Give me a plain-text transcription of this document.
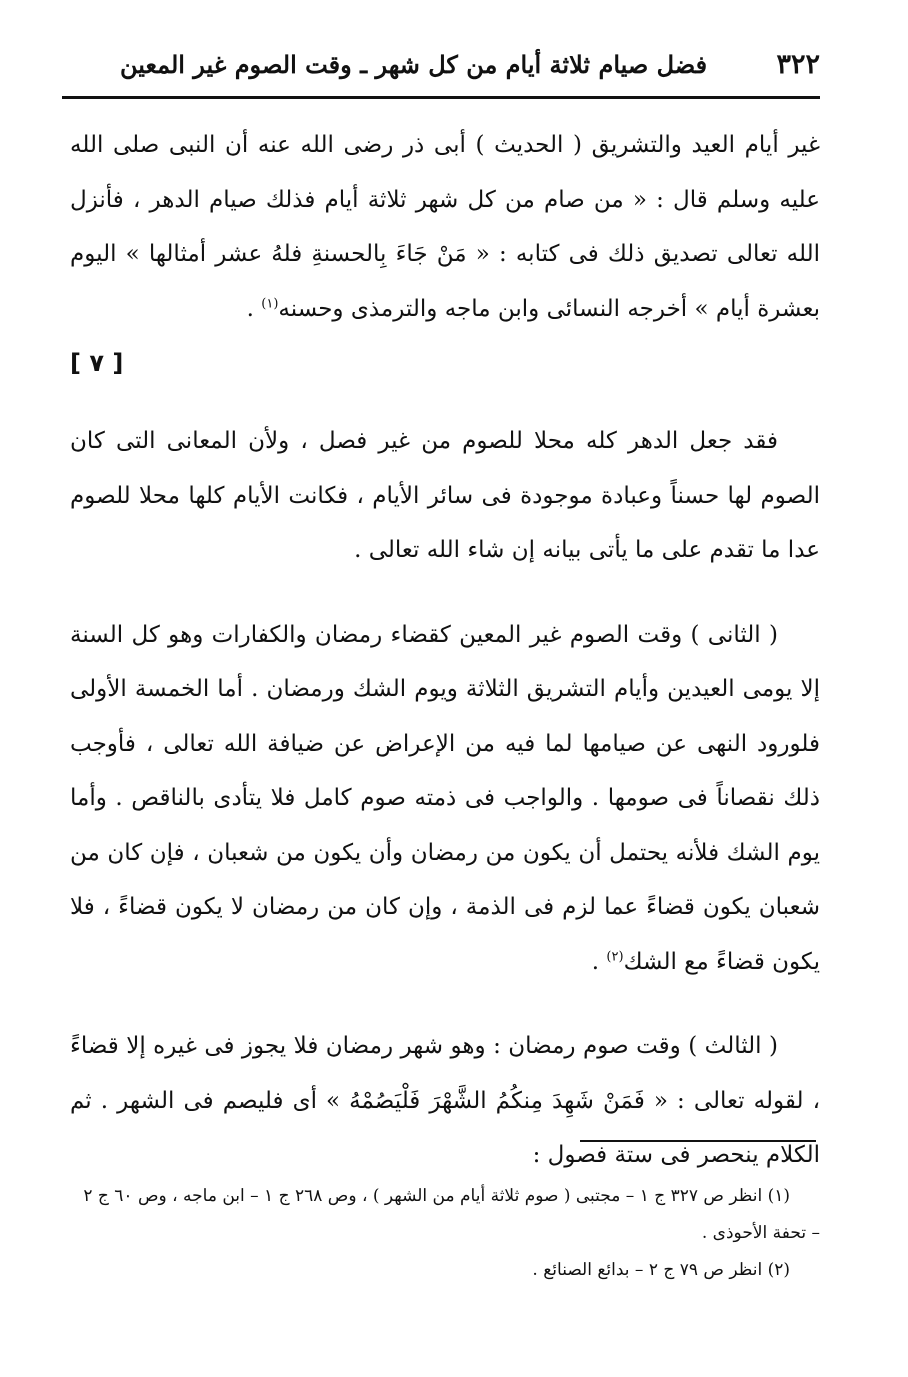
٣٢٢
فضل صيام ثلاثة أيام من كل شهر ـ وقت الصوم غير المعين

غير أيام العيد والتشريق ( الحديث ) أبى ذر رضى الله عنه أن النبى صلى الله عليه وسلم قال : « من صام من كل شهر ثلاثة أيام فذلك صيام الدهر ، فأنزل الله تعالى تصديق ذلك فى كتابه : « مَنْ جَاءَ بِالحسنةِ فلهُ عشر أمثالها » اليوم بعشرة أيام » أخرجه النسائى وابن ماجه والترمذى وحسنه$^{(١)}$ .

[ ٧ ]

فقد جعل الدهر كله محلا للصوم من غير فصل ، ولأن المعانى التى كان الصوم لها حسناً وعبادة موجودة فى سائر الأيام ، فكانت الأيام كلها محلا للصوم عدا ما تقدم على ما يأتى بيانه إن شاء الله تعالى .

( الثانى ) وقت الصوم غير المعين كقضاء رمضان والكفارات وهو كل السنة إلا يومى العيدين وأيام التشريق الثلاثة ويوم الشك ورمضان . أما الخمسة الأولى فلورود النهى عن صيامها لما فيه من الإعراض عن ضيافة الله تعالى ، فأوجب ذلك نقصاناً فى صومها . والواجب فى ذمته صوم كامل فلا يتأدى بالناقص . وأما يوم الشك فلأنه يحتمل أن يكون من رمضان وأن يكون من شعبان ، فإن كان من شعبان يكون قضاءً عما لزم فى الذمة ، وإن كان من رمضان لا يكون قضاءً ، فلا يكون قضاءً مع الشك$^{(٢)}$ .

( الثالث ) وقت صوم رمضان : وهو شهر رمضان فلا يجوز فى غيره إلا قضاءً ، لقوله تعالى : « فَمَنْ شَهِدَ مِنكُمُ الشَّهْرَ فَلْيَصُمْهُ » أى فليصم فى الشهر . ثم الكلام ينحصر فى ستة فصول :

(١) انظر ص ٣٢٧ ج ١ – مجتبى ( صوم ثلاثة أيام من الشهر ) ، وص ٢٦٨ ج ١ – ابن ماجه ، وص ٦٠ ج ٢ – تحفة الأحوذى .

(٢) انظر ص ٧٩ ج ٢ – بدائع الصنائع .
